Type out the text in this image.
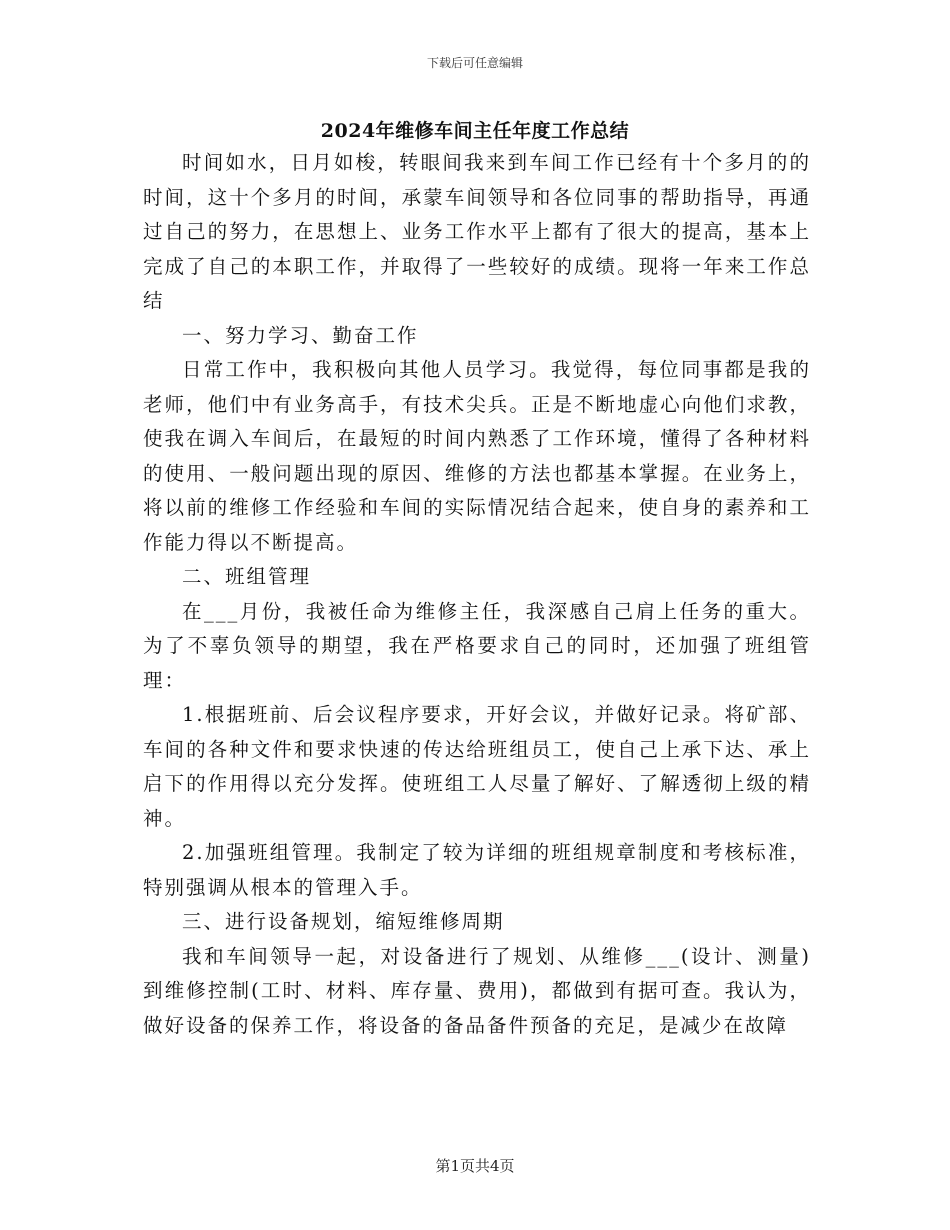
下载后可任意编辑
2024年维修车间主任年度工作总结

时间如水，日月如梭，转眼间我来到车间工作已经有十个多月的的时间，这十个多月的时间，承蒙车间领导和各位同事的帮助指导，再通过自己的努力，在思想上、业务工作水平上都有了很大的提高，基本上完成了自己的本职工作，并取得了一些较好的成绩。现将一年来工作总结

一、努力学习、勤奋工作

日常工作中，我积极向其他人员学习。我觉得，每位同事都是我的老师，他们中有业务高手，有技术尖兵。正是不断地虚心向他们求教，使我在调入车间后，在最短的时间内熟悉了工作环境，懂得了各种材料的使用、一般问题出现的原因、维修的方法也都基本掌握。在业务上，将以前的维修工作经验和车间的实际情况结合起来，使自身的素养和工作能力得以不断提高。

二、班组管理

在___月份，我被任命为维修主任，我深感自己肩上任务的重大。为了不辜负领导的期望，我在严格要求自己的同时，还加强了班组管理：

1.根据班前、后会议程序要求，开好会议，并做好记录。将矿部、车间的各种文件和要求快速的传达给班组员工，使自己上承下达、承上启下的作用得以充分发挥。使班组工人尽量了解好、了解透彻上级的精神。

2.加强班组管理。我制定了较为详细的班组规章制度和考核标准，特别强调从根本的管理入手。

三、进行设备规划，缩短维修周期

我和车间领导一起，对设备进行了规划、从维修___(设计、测量)到维修控制(工时、材料、库存量、费用)，都做到有据可查。我认为，做好设备的保养工作，将设备的备品备件预备的充足，是减少在故障

第1页共4页
